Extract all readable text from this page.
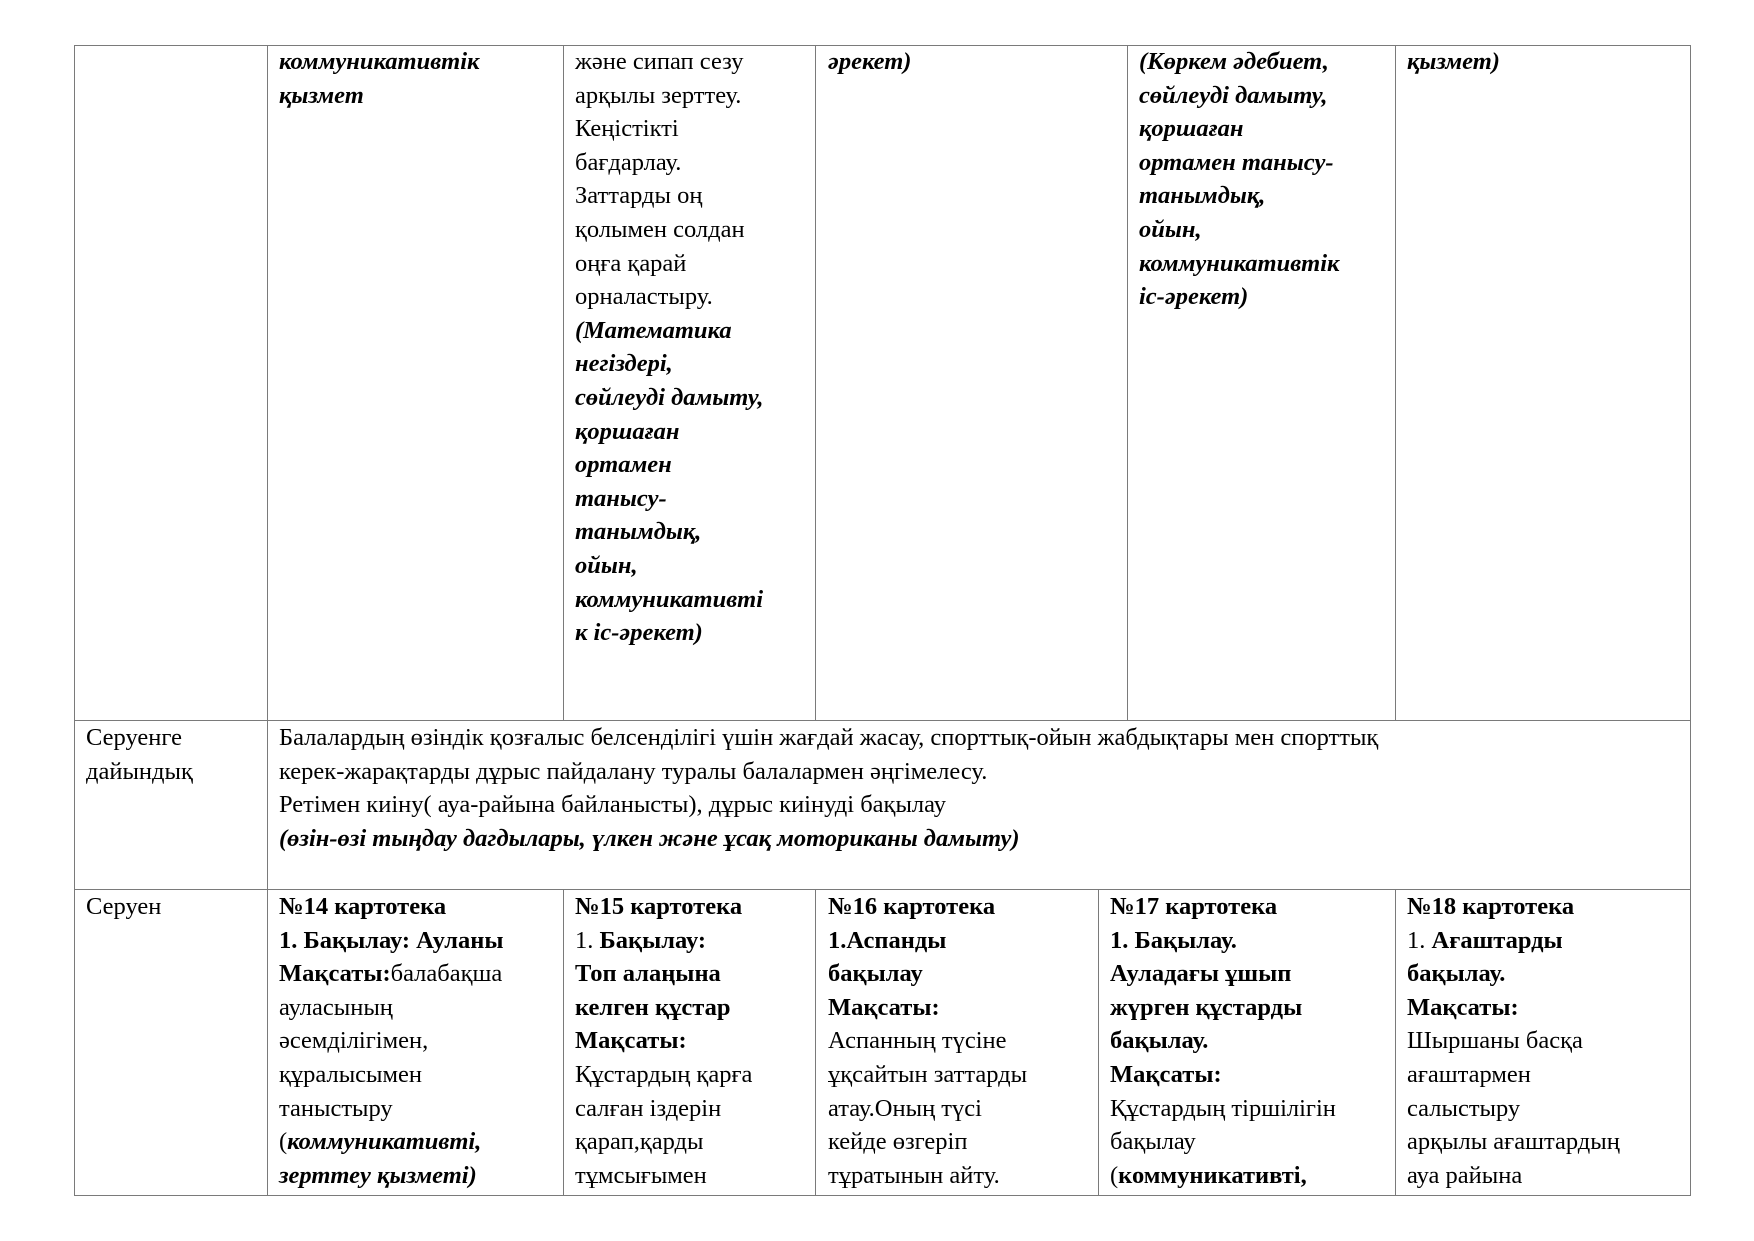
коммуникативтік
қызмет
және сипап сезу
арқылы зерттеу.
Кеңістікті
бағдарлау.
Заттарды оң
қолымен солдан
оңға қарай
орналастыру.
(Математика
негіздері,
сөйлеуді дамыту,
қоршаған
ортамен
танысу-
танымдық,
ойын,
коммуникативті
к іс-әрекет)
әрекет)	(Көркем әдебиет,
сөйлеуді дамыту,
қоршаған
ортамен танысу-
танымдық,
ойын,
коммуникативтік
іс-әрекет)
қызмет)
Серуенге
дайындық
Балалардың өзіндік қозғалыс белсенділігі үшін жағдай жасау, спорттық-ойын жабдықтары мен спорттық
керек-жарақтарды дұрыс пайдалану туралы балалармен әңгімелесу.
Ретімен киіну( ауа-райына байланысты), дұрыс киінуді бақылау
(өзін-өзі тыңдау дагдылары, үлкен және ұсақ моториканы дамыту)
Серуен	№14 картотека
1. Бақылау: Ауланы
Мақсаты:балабақша
ауласының
әсемділігімен,
құралысымен
таныстыру
(коммуникативті,
зерттеу қызметі)
№15 картотека
1. Бақылау:
Топ алаңына
келген құстар
Мақсаты:
Құстардың қарға
салған іздерін
қарап,қарды
тұмсығымен
№16 картотека
1.Аспанды
бақылау
Мақсаты:
Аспанның түсіне
ұқсайтын заттарды
атау.Оның түсі
кейде өзгеріп
тұратынын айту.
№17 картотека
1. Бақылау.
Ауладағы ұшып
жүрген құстарды
бақылау.
Мақсаты:
Құстардың тіршілігін
бақылау
(коммуникативті,
№18 картотека
1. Ағаштарды
бақылау.
Мақсаты:
Шыршаны басқа
ағаштармен
салыстыру
арқылы ағаштардың
ауа райына
